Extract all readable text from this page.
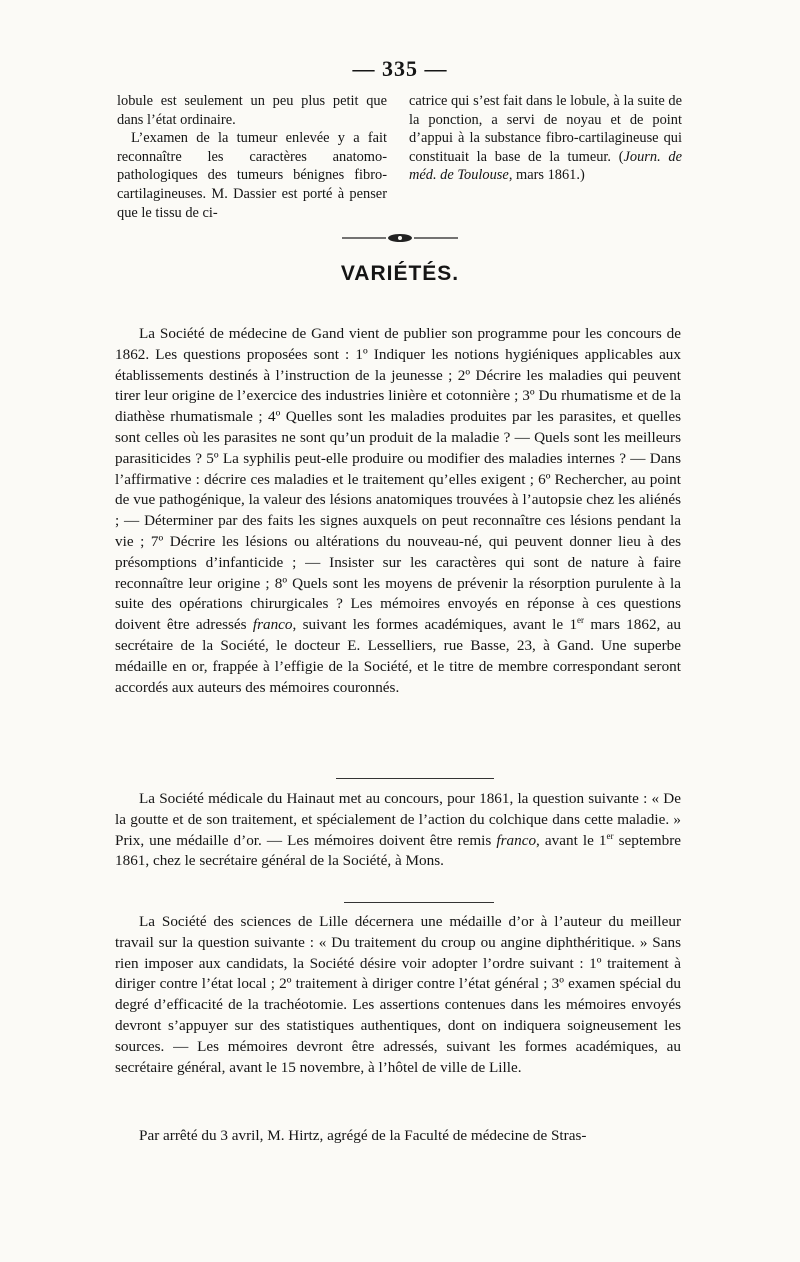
— 335 —

lobule est seulement un peu plus petit que dans l’état ordinaire.

L’examen de la tumeur enlevée y a fait reconnaître les caractères anatomo-pathologiques des tumeurs bénignes fibro-cartilagineuses. M. Dassier est porté à penser que le tissu de ci-

catrice qui s’est fait dans le lobule, à la suite de la ponction, a servi de noyau et de point d’appui à la substance fibro-cartilagineuse qui constituait la base de la tumeur. (Journ. de méd. de Toulouse, mars 1861.)

VARIÉTÉS.

La Société de médecine de Gand vient de publier son programme pour les concours de 1862. Les questions proposées sont : 1º Indiquer les notions hygiéniques applicables aux établissements destinés à l’instruction de la jeunesse ; 2º Décrire les maladies qui peuvent tirer leur origine de l’exercice des industries linière et cotonnière ; 3º Du rhumatisme et de la diathèse rhumatismale ; 4º Quelles sont les maladies produites par les parasites, et quelles sont celles où les parasites ne sont qu’un produit de la maladie ? — Quels sont les meilleurs parasiticides ? 5º La syphilis peut-elle produire ou modifier des maladies internes ? — Dans l’affirmative : décrire ces maladies et le traitement qu’elles exigent ; 6º Rechercher, au point de vue pathogénique, la valeur des lésions anatomiques trouvées à l’autopsie chez les aliénés ; — Déterminer par des faits les signes auxquels on peut reconnaître ces lésions pendant la vie ; 7º Décrire les lésions ou altérations du nouveau-né, qui peuvent donner lieu à des présomptions d’infanticide ; — Insister sur les caractères qui sont de nature à faire reconnaître leur origine ; 8º Quels sont les moyens de prévenir la résorption purulente à la suite des opérations chirurgicales ? Les mémoires envoyés en réponse à ces questions doivent être adressés franco, suivant les formes académiques, avant le 1er mars 1862, au secrétaire de la Société, le docteur E. Lesselliers, rue Basse, 23, à Gand. Une superbe médaille en or, frappée à l’effigie de la Société, et le titre de membre correspondant seront accordés aux auteurs des mémoires couronnés.

La Société médicale du Hainaut met au concours, pour 1861, la question suivante : « De la goutte et de son traitement, et spécialement de l’action du colchique dans cette maladie. » Prix, une médaille d’or. — Les mémoires doivent être remis franco, avant le 1er septembre 1861, chez le secrétaire général de la Société, à Mons.

La Société des sciences de Lille décernera une médaille d’or à l’auteur du meilleur travail sur la question suivante : « Du traitement du croup ou angine diphthéritique. » Sans rien imposer aux candidats, la Société désire voir adopter l’ordre suivant : 1º traitement à diriger contre l’état local ; 2º traitement à diriger contre l’état général ; 3º examen spécial du degré d’efficacité de la trachéotomie. Les assertions contenues dans les mémoires envoyés devront s’appuyer sur des statistiques authentiques, dont on indiquera soigneusement les sources. — Les mémoires devront être adressés, suivant les formes académiques, au secrétaire général, avant le 15 novembre, à l’hôtel de ville de Lille.

Par arrêté du 3 avril, M. Hirtz, agrégé de la Faculté de médecine de Stras-
